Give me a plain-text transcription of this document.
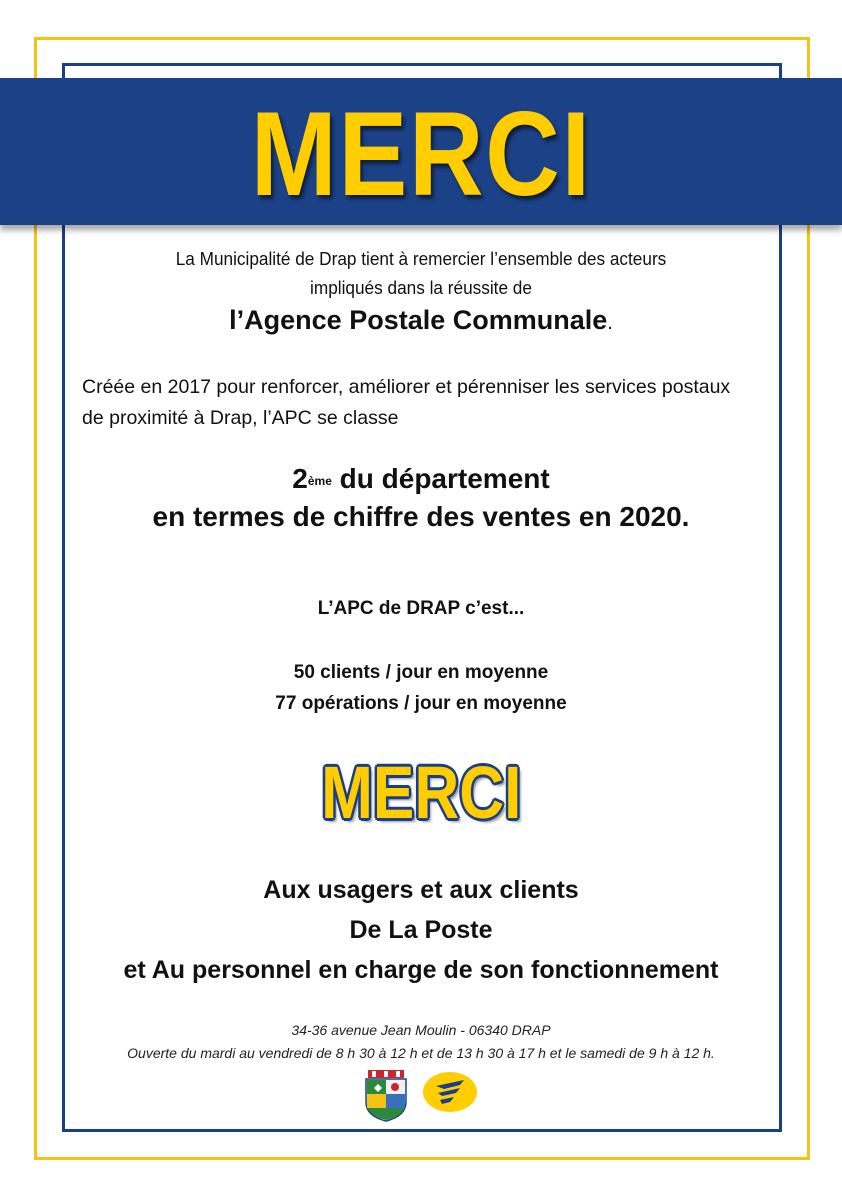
MERCI
La Municipalité de Drap tient à remercier l’ensemble des acteurs
impliqués dans la réussite de
l’Agence Postale Communale.
Créée en 2017 pour renforcer, améliorer et pérenniser les services postaux
de proximité à Drap, l’APC se classe
2ème du département
en termes de chiffre des ventes en 2020.
L’APC de DRAP c’est...
50 clients / jour en moyenne
77 opérations / jour en moyenne
MERCI
Aux usagers et aux clients
De La Poste
et Au personnel en charge de son fonctionnement
34-36 avenue Jean Moulin - 06340 DRAP
Ouverte du mardi au vendredi de 8 h 30 à 12 h et de 13 h 30 à 17 h et le samedi de 9 h à 12 h.
